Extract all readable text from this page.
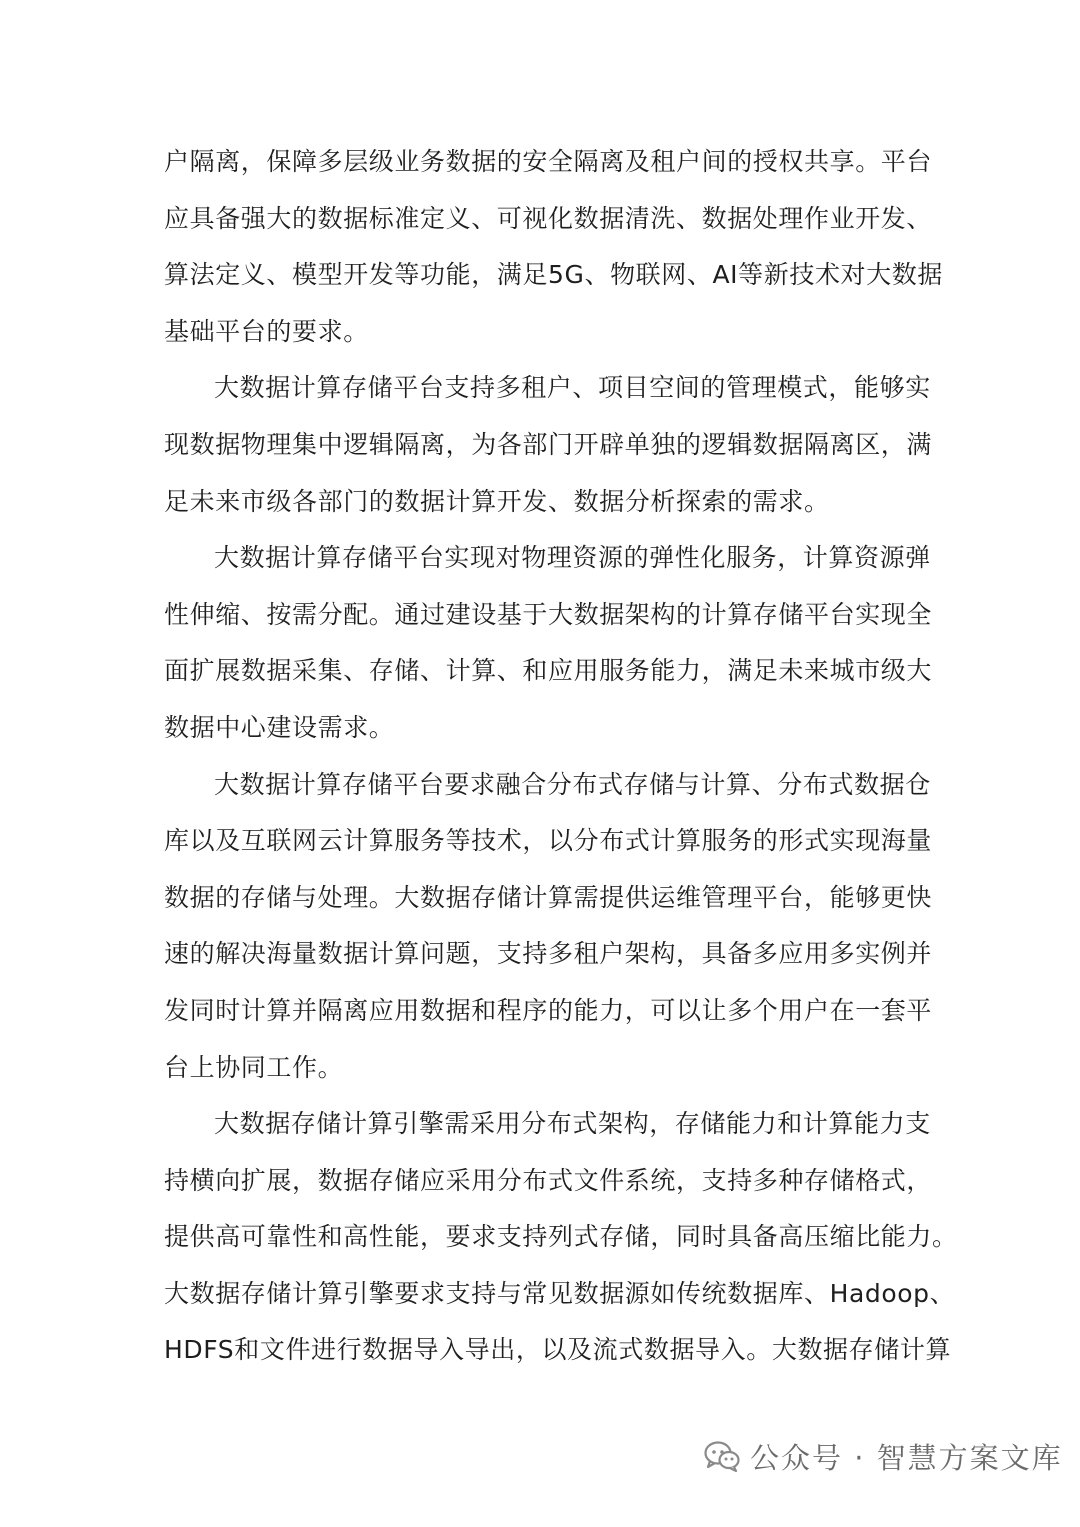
户隔离，保障多层级业务数据的安全隔离及租户间的授权共享。平台
应具备强大的数据标准定义、可视化数据清洗、数据处理作业开发、
算法定义、模型开发等功能，满足5G、物联网、AI等新技术对大数据
基础平台的要求。
大数据计算存储平台支持多租户、项目空间的管理模式，能够实
现数据物理集中逻辑隔离，为各部门开辟单独的逻辑数据隔离区，满
足未来市级各部门的数据计算开发、数据分析探索的需求。
大数据计算存储平台实现对物理资源的弹性化服务，计算资源弹
性伸缩、按需分配。通过建设基于大数据架构的计算存储平台实现全
面扩展数据采集、存储、计算、和应用服务能力，满足未来城市级大
数据中心建设需求。
大数据计算存储平台要求融合分布式存储与计算、分布式数据仓
库以及互联网云计算服务等技术，以分布式计算服务的形式实现海量
数据的存储与处理。大数据存储计算需提供运维管理平台，能够更快
速的解决海量数据计算问题，支持多租户架构，具备多应用多实例并
发同时计算并隔离应用数据和程序的能力，可以让多个用户在一套平
台上协同工作。
大数据存储计算引擎需采用分布式架构，存储能力和计算能力支
持横向扩展，数据存储应采用分布式文件系统，支持多种存储格式，
提供高可靠性和高性能，要求支持列式存储，同时具备高压缩比能力。
大数据存储计算引擎要求支持与常见数据源如传统数据库、Hadoop、
HDFS和文件进行数据导入导出，以及流式数据导入。大数据存储计算
公众号 · 智慧方案文库
